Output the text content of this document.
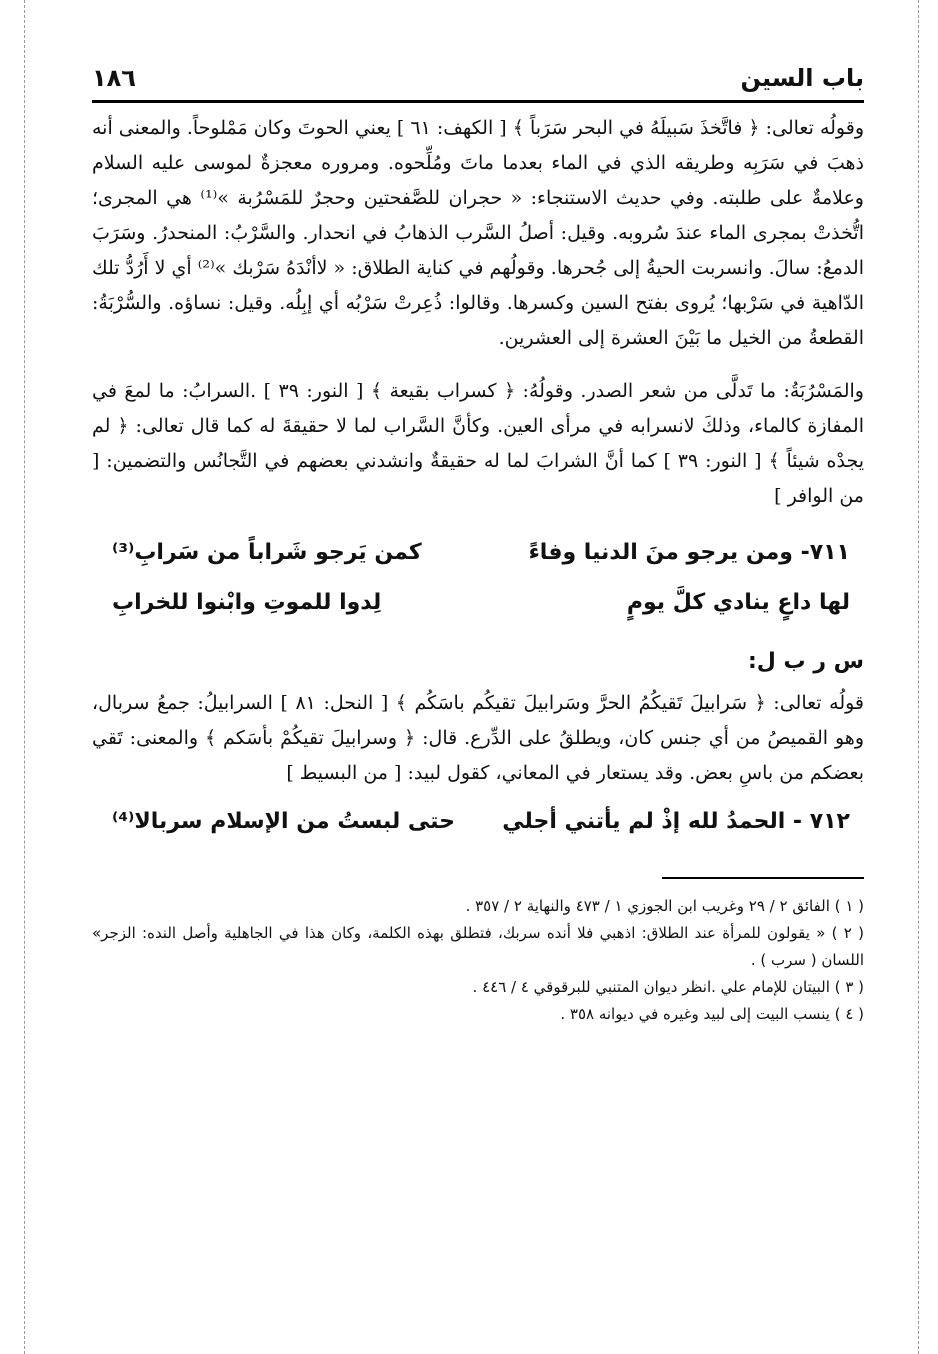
باب السين
١٨٦

وقولُه تعالى: ﴿ فاتَّخذَ سَبيلَهُ في البحر سَرَباً ﴾ [ الكهف: ٦١ ] يعني الحوتَ وكان مَمْلوحاً. والمعنى أنه ذهبَ في سَرَبِه وطريقه الذي في الماء بعدما ماتَ ومُلِّحوه. ومروره معجزةٌ لموسى عليه السلام وعلامةٌ على طلبته. وفي حديث الاستنجاء: « حجران للصَّفحتين وحجرٌ للمَسْرُبة »⁽¹⁾ هي المجرى؛ اتُّخذتْ بمجرى الماء عندَ سُروبه. وقيل: أصلُ السَّرب الذهابُ في انحدار. والسَّرْبُ: المنحدرُ. وسَرَبَ الدمعُ: سالَ. وانسربت الحيةُ إلى جُحرها. وقولُهم في كناية الطلاق: « لاأنْدَهُ سَرْبك »⁽²⁾ أي لا أَرُدُّ تلك الدّاهية في سَرْبها؛ يُروى بفتح السين وكسرها. وقالوا: ذُعِرتْ سَرْبُه أي إبِلُه. وقيل: نساؤه. والسُّرْبَةُ: القطعةُ من الخيل ما بَيْنَ العشرة إلى العشرين.

والمَسْرُبَةُ: ما تَدلَّى من شعر الصدر. وقولُهُ: ﴿ كسراب بقيعة ﴾ [ النور: ٣٩ ] .السرابُ: ما لمعَ في المفازة كالماء، وذلكَ لانسرابه في مرأى العين. وكأنَّ السَّراب لما لا حقيقةَ له كما قال تعالى: ﴿ لم يجدْه شيئاً ﴾ [ النور: ٣٩ ] كما أنَّ الشرابَ لما له حقيقةٌ وانشدني بعضهم في التَّجانُس والتضمين: [ من الوافر ]

٧١١- ومن يرجو منَ الدنيا وفاءً
كمن يَرجو شَراباً من سَرابِ⁽³⁾
لها داعٍ ينادي كلَّ يومٍ
لِدوا للموتِ وابْنوا للخرابِ
س ر ب ل:

قولُه تعالى: ﴿ سَرابيلَ تَقيكُمُ الحرَّ وسَرابيلَ تقيكُم باسَكُم ﴾ [ النحل: ٨١ ] السرابيلُ: جمعُ سربال، وهو القميصُ من أي جنس كان، ويطلقُ على الدِّرع. قال: ﴿ وسرابيلَ تقيكُمْ بأسَكم ﴾ والمعنى: تَقي بعضكم من باسِ بعض. وقد يستعار في المعاني، كقول لبيد: [ من البسيط ]

٧١٢ - الحمدُ لله إذْ لم يأتني أجلي
حتى لبستُ من الإسلام سربالا⁽⁴⁾

( ١ ) الفائق ٢ / ٢٩ وغريب ابن الجوزي ١ / ٤٧٣ والنهاية ٢ / ٣٥٧ .

( ٢ ) « يقولون للمرأة عند الطلاق: اذهبي فلا أنده سربك، فتطلق بهذه الكلمة، وكان هذا في الجاهلية وأصل النده: الزجر» اللسان ( سرب ) .

( ٣ ) البيتان للإمام علي .انظر ديوان المتنبي للبرقوقي ٤ / ٤٤٦ .

( ٤ ) ينسب البيت إلى لبيد وغيره في ديوانه ٣٥٨ .
